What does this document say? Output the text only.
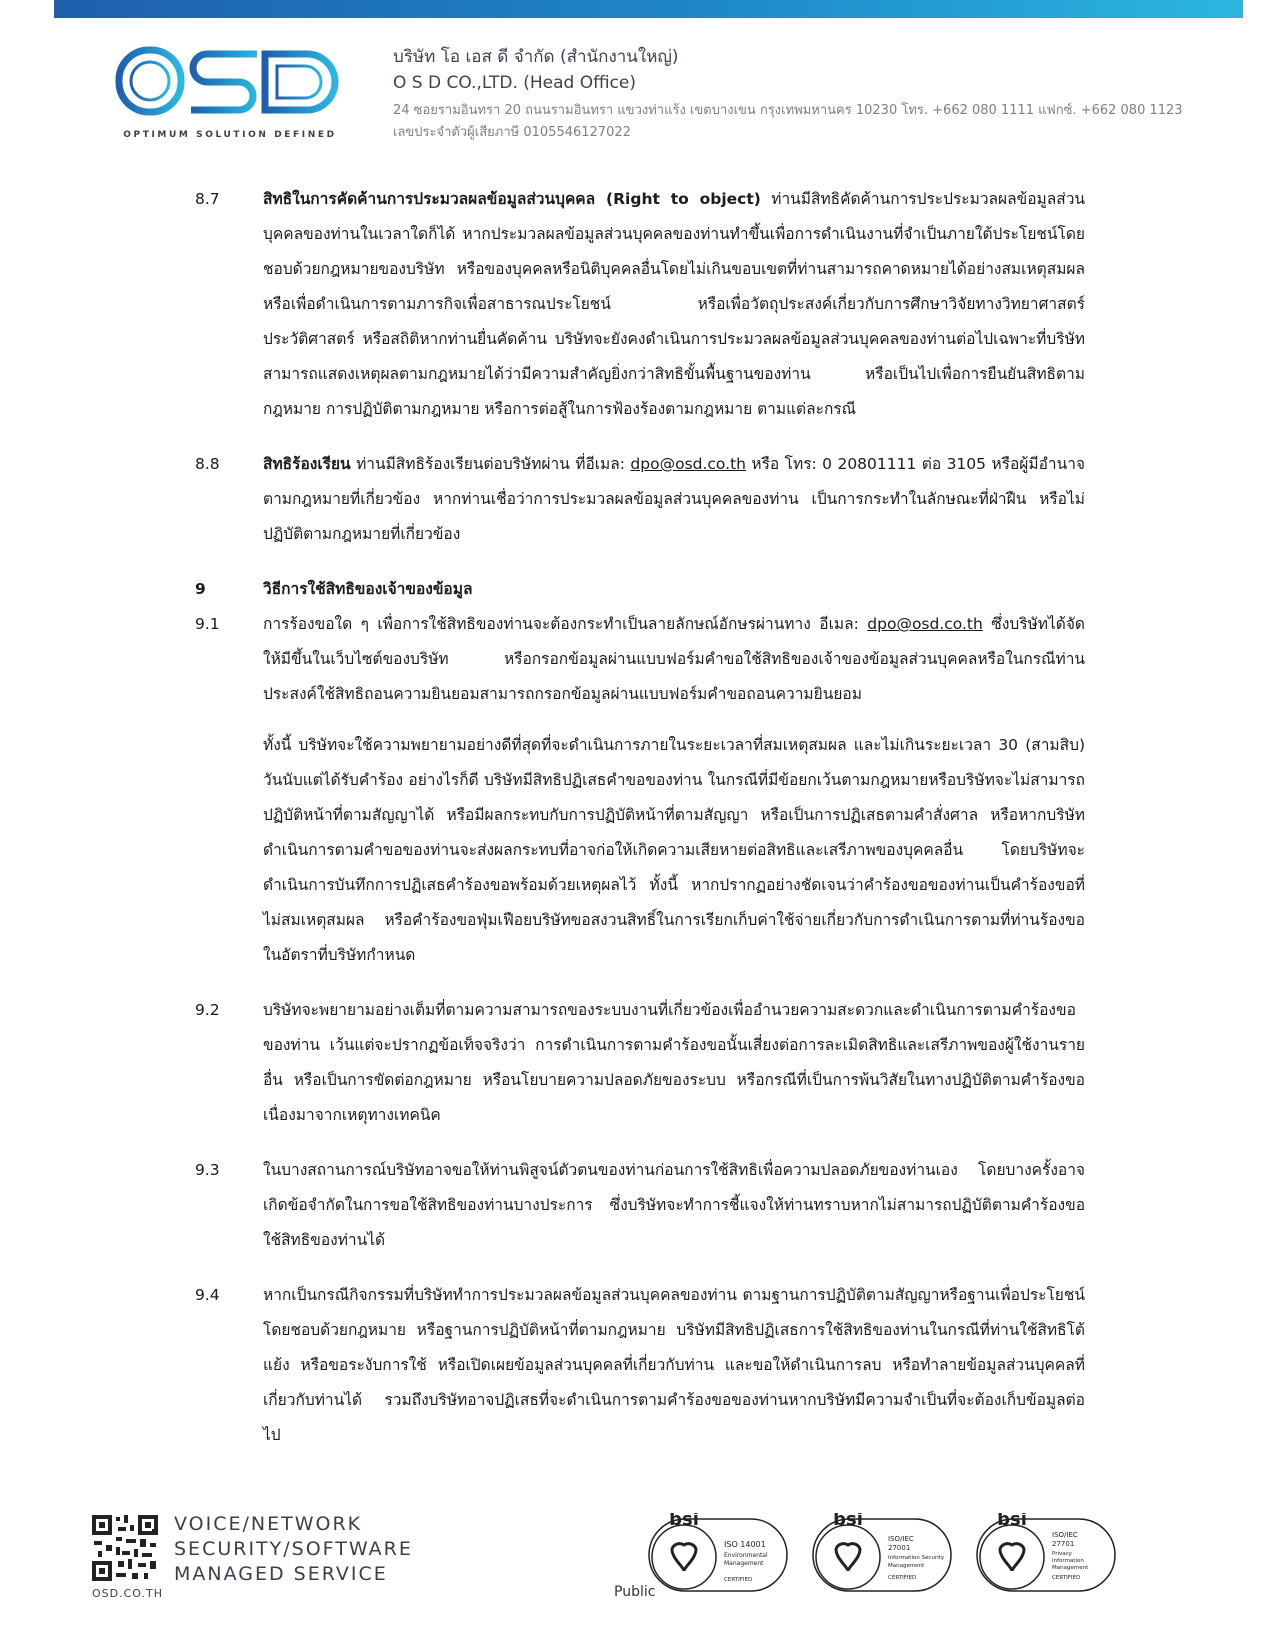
OPTIMUM SOLUTION DEFINED
บริษัท โอ เอส ดี จำกัด (สำนักงานใหญ่)
O S D CO.,LTD. (Head Office)
24 ซอยรามอินทรา 20 ถนนรามอินทรา แขวงท่าแร้ง เขตบางเขน กรุงเทพมหานคร 10230 โทร. +662 080 1111 แฟกซ์. +662 080 1123
เลขประจำตัวผู้เสียภาษี 0105546127022
8.7	สิทธิในการคัดค้านการประมวลผลข้อมูลส่วนบุคคล (Right to object) ท่านมีสิทธิคัดค้านการประประมวลผลข้อมูลส่วนบุคคลของท่านในเวลาใดก็ได้ หากประมวลผลข้อมูลส่วนบุคคลของท่านทำขึ้นเพื่อการดำเนินงานที่จำเป็นภายใต้ประโยชน์โดยชอบด้วยกฎหมายของบริษัท หรือของบุคคลหรือนิติบุคคลอื่นโดยไม่เกินขอบเขตที่ท่านสามารถคาดหมายได้อย่างสมเหตุสมผล หรือเพื่อดำเนินการตามภารกิจเพื่อสาธารณประโยชน์ หรือเพื่อวัตถุประสงค์เกี่ยวกับการศึกษาวิจัยทางวิทยาศาสตร์ ประวัติศาสตร์ หรือสถิติหากท่านยื่นคัดค้าน บริษัทจะยังคงดำเนินการประมวลผลข้อมูลส่วนบุคคลของท่านต่อไปเฉพาะที่บริษัทสามารถแสดงเหตุผลตามกฎหมายได้ว่ามีความสำคัญยิ่งกว่าสิทธิขั้นพื้นฐานของท่าน หรือเป็นไปเพื่อการยืนยันสิทธิตามกฎหมาย การปฏิบัติตามกฎหมาย หรือการต่อสู้ในการฟ้องร้องตามกฎหมาย ตามแต่ละกรณี
8.8	สิทธิร้องเรียน ท่านมีสิทธิร้องเรียนต่อบริษัทผ่าน ที่อีเมล: dpo@osd.co.th หรือ โทร: 0 20801111 ต่อ 3105 หรือผู้มีอำนาจตามกฎหมายที่เกี่ยวข้อง หากท่านเชื่อว่าการประมวลผลข้อมูลส่วนบุคคลของท่าน เป็นการกระทำในลักษณะที่ฝ่าฝืน หรือไม่ปฏิบัติตามกฎหมายที่เกี่ยวข้อง
9	วิธีการใช้สิทธิของเจ้าของข้อมูล
9.1	การร้องขอใด ๆ เพื่อการใช้สิทธิของท่านจะต้องกระทำเป็นลายลักษณ์อักษรผ่านทาง อีเมล: dpo@osd.co.th ซึ่งบริษัทได้จัดให้มีขึ้นในเว็บไซต์ของบริษัท หรือกรอกข้อมูลผ่านแบบฟอร์มคำขอใช้สิทธิของเจ้าของข้อมูลส่วนบุคคลหรือในกรณีท่านประสงค์ใช้สิทธิถอนความยินยอมสามารถกรอกข้อมูลผ่านแบบฟอร์มคำขอถอนความยินยอม
ทั้งนี้ บริษัทจะใช้ความพยายามอย่างดีที่สุดที่จะดำเนินการภายในระยะเวลาที่สมเหตุสมผล และไม่เกินระยะเวลา 30 (สามสิบ) วันนับแต่ได้รับคำร้อง อย่างไรก็ดี บริษัทมีสิทธิปฏิเสธคำขอของท่าน ในกรณีที่มีข้อยกเว้นตามกฎหมายหรือบริษัทจะไม่สามารถปฏิบัติหน้าที่ตามสัญญาได้ หรือมีผลกระทบกับการปฏิบัติหน้าที่ตามสัญญา หรือเป็นการปฏิเสธตามคำสั่งศาล หรือหากบริษัทดำเนินการตามคำขอของท่านจะส่งผลกระทบที่อาจก่อให้เกิดความเสียหายต่อสิทธิและเสรีภาพของบุคคลอื่น โดยบริษัทจะดำเนินการบันทึกการปฏิเสธคำร้องขอพร้อมด้วยเหตุผลไว้ ทั้งนี้ หากปรากฏอย่างชัดเจนว่าคำร้องขอของท่านเป็นคำร้องขอที่ไม่สมเหตุสมผล หรือคำร้องขอฟุ่มเฟือยบริษัทขอสงวนสิทธิ์ในการเรียกเก็บค่าใช้จ่ายเกี่ยวกับการดำเนินการตามที่ท่านร้องขอในอัตราที่บริษัทกำหนด
9.2	บริษัทจะพยายามอย่างเต็มที่ตามความสามารถของระบบงานที่เกี่ยวข้องเพื่ออำนวยความสะดวกและดำเนินการตามคำร้องขอของท่าน เว้นแต่จะปรากฏข้อเท็จจริงว่า การดำเนินการตามคำร้องขอนั้นเสี่ยงต่อการละเมิดสิทธิและเสรีภาพของผู้ใช้งานรายอื่น หรือเป็นการขัดต่อกฎหมาย หรือนโยบายความปลอดภัยของระบบ หรือกรณีที่เป็นการพ้นวิสัยในทางปฏิบัติตามคำร้องขอ เนื่องมาจากเหตุทางเทคนิค
9.3	ในบางสถานการณ์บริษัทอาจขอให้ท่านพิสูจน์ตัวตนของท่านก่อนการใช้สิทธิเพื่อความปลอดภัยของท่านเอง โดยบางครั้งอาจเกิดข้อจำกัดในการขอใช้สิทธิของท่านบางประการ ซึ่งบริษัทจะทำการชี้แจงให้ท่านทราบหากไม่สามารถปฏิบัติตามคำร้องขอใช้สิทธิของท่านได้
9.4	หากเป็นกรณีกิจกรรมที่บริษัททำการประมวลผลข้อมูลส่วนบุคคลของท่าน ตามฐานการปฏิบัติตามสัญญาหรือฐานเพื่อประโยชน์โดยชอบด้วยกฎหมาย หรือฐานการปฏิบัติหน้าที่ตามกฎหมาย บริษัทมีสิทธิปฏิเสธการใช้สิทธิของท่านในกรณีที่ท่านใช้สิทธิโต้แย้ง หรือขอระงับการใช้ หรือเปิดเผยข้อมูลส่วนบุคคลที่เกี่ยวกับท่าน และขอให้ดำเนินการลบ หรือทำลายข้อมูลส่วนบุคคลที่เกี่ยวกับท่านได้ รวมถึงบริษัทอาจปฏิเสธที่จะดำเนินการตามคำร้องขอของท่านหากบริษัทมีความจำเป็นที่จะต้องเก็บข้อมูลต่อไป
OSD.CO.TH
VOICE/NETWORK
SECURITY/SOFTWARE
MANAGED SERVICE
Public
bsi
ISO 14001
Environmental
Management
CERTIFIED
bsi
ISO/IEC
27001
Information Security
Management
CERTIFIED
bsi
ISO/IEC
27701
Privacy
Information
Management
CERTIFIED
